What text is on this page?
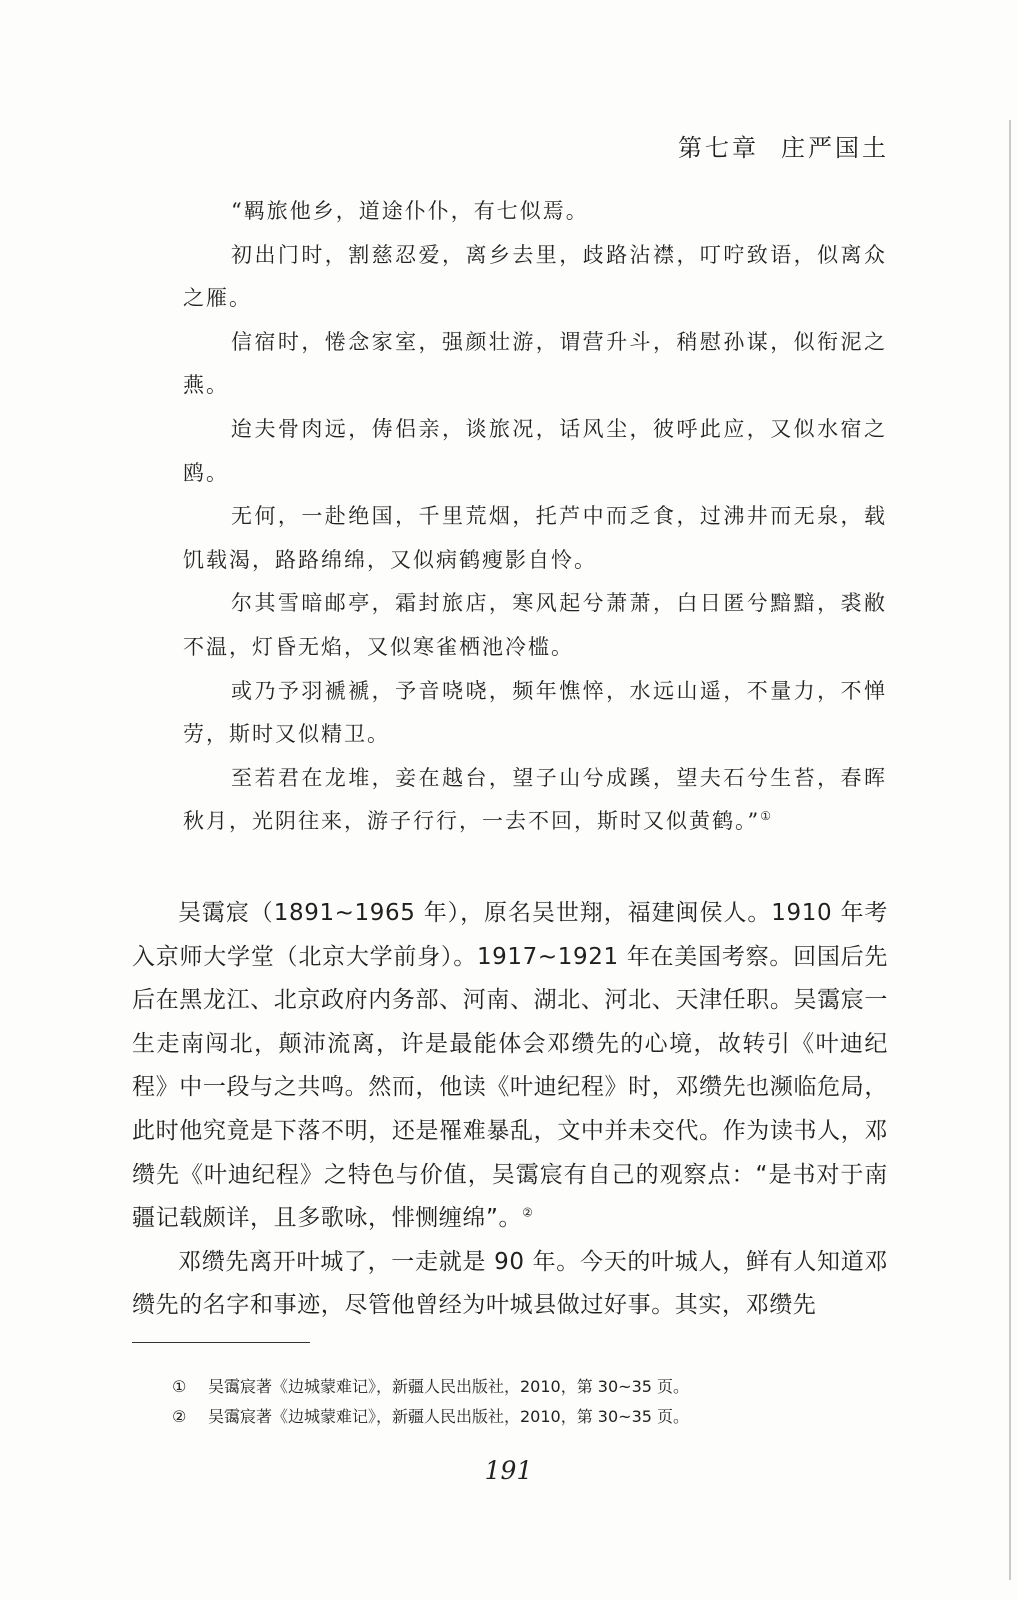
第七章 庄严国土

“羁旅他乡，道途仆仆，有七似焉。

初出门时，割慈忍爱，离乡去里，歧路沾襟，叮咛致语，似离众之雁。

信宿时，惓念家室，强颜壮游，谓营升斗，稍慰孙谋，似衔泥之燕。

迨夫骨肉远，俦侣亲，谈旅况，话风尘，彼呼此应，又似水宿之鸥。

无何，一赴绝国，千里荒烟，托芦中而乏食，过沸井而无泉，载饥载渴，路路绵绵，又似病鹤瘦影自怜。

尔其雪暗邮亭，霜封旅店，寒风起兮萧萧，白日匿兮黯黯，裘敝不温，灯昏无焰，又似寒雀栖池冷槛。

或乃予羽褫褫，予音哓哓，频年憔悴，水远山遥，不量力，不惮劳，斯时又似精卫。

至若君在龙堆，妾在越台，望子山兮成蹊，望夫石兮生苔，春晖秋月，光阴往来，游子行行，一去不回，斯时又似黄鹤。”①

吴霭宸（1891~1965 年），原名吴世翔，福建闽侯人。1910 年考入京师大学堂（北京大学前身）。1917~1921 年在美国考察。回国后先后在黑龙江、北京政府内务部、河南、湖北、河北、天津任职。吴霭宸一生走南闯北，颠沛流离，许是最能体会邓缵先的心境，故转引《叶迪纪程》中一段与之共鸣。然而，他读《叶迪纪程》时，邓缵先也濒临危局，此时他究竟是下落不明，还是罹难暴乱，文中并未交代。作为读书人，邓缵先《叶迪纪程》之特色与价值，吴霭宸有自己的观察点：“是书对于南疆记载颇详，且多歌咏，悱恻缠绵”。②

邓缵先离开叶城了，一走就是 90 年。今天的叶城人，鲜有人知道邓缵先的名字和事迹，尽管他曾经为叶城县做过好事。其实，邓缵先

① 吴霭宸著《边城蒙难记》，新疆人民出版社，2010，第 30~35 页。
② 吴霭宸著《边城蒙难记》，新疆人民出版社，2010，第 30~35 页。
191
